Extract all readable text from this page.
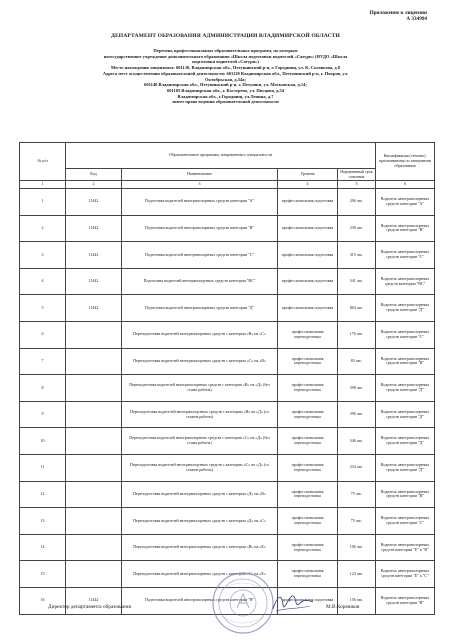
Приложение к лицензии
А 334994
ДЕПАРТАМЕНТ ОБРАЗОВАНИЯ АДМИНИСТРАЦИИ ВЛАДИМИРСКОЙ ОБЛАСТИ
Перечень профессиональных образовательных программ, по которым
негосударственное учреждение дополнительного образования «Школа подготовки водителей «Сатурн» (НУДО «Школа
подготовки водителей «Сатурн»)
Место нахождения лицензиата: 601130, Владимирская обл., Петушинский р-н, г. Городнищ, ул. К. Соловьева, д.8
Адреса мест осуществления образовательной деятельности: 601120 Владимирская обл., Петушинский р-н, г. Покров, ул.
Октябрьская, д.54а;
601140 Владимирская обл., Петушинский р-н, г. Петушки, ул. Московская, д.14;
601105 Владимирская обл., г. Костерево, ул. Писцова, д.54
Владимирская обл., г.Городнищ, ул.Ленина, д.7
имеет право ведения образовательной деятельности
№ п/п	Образовательные программы, направления и специальности				Квалификация (степень), присваиваемая по завершении образования
	Код	Наименование	Уровень	Нормативный срок освоения	
1	2	3	4	5	6
1	11442	Подготовка водителей автотранспортных средств категории "А"	профессиональная подготовка	206 час.	Водитель автотранспортных средств категории "А"
2	11442	Подготовка водителей автотранспортных средств категории "В"	профессиональная подготовка	238 час.	Водитель автотранспортных средств категории "В"
3	11442	Подготовка водителей автотранспортных средств категории "С"	профессиональная подготовка	319 час.	Водитель автотранспортных средств категории "С"
4	11442	Подготовка водителей автотранспортных средств категории "ВС"	профессиональная подготовка	341 час.	Водитель автотранспортных средств категории "ВС"
5	11442	Подготовка водителей автотранспортных средств категории "Д"	профессиональная подготовка	804 час.	Водитель автотранспортных средств категории "Д"
6		Переподготовка водителей автотранспортных средств с категории «В» на «С»	профессиональная переподготовка	176 час.	Водитель автотранспортных средств категории "С"
7		Переподготовка водителей автотранспортных средств с категории «С» на «В»	профессиональная переподготовка	83 час.	Водитель автотранспортных средств категории "В"
8		Переподготовка водителей автотранспортных средств с категории «В» на «Д» (без стажа работы)	профессиональная переподготовка	398 час.	Водитель автотранспортных средств категории "Д"
9		Переподготовка водителей автотранспортных средств с категории «В» на «Д» (со стажем работы)	профессиональная переподготовка	296 час.	Водитель автотранспортных средств категории "Д"
10		Переподготовка водителей автотранспортных средств с категории «С» на «Д» (без стажа работы)	профессиональная переподготовка	346 час.	Водитель автотранспортных средств категории "Д"
11		Переподготовка водителей автотранспортных средств с категории «С» на «Д» (со стажем работы)	профессиональная переподготовка	234 час.	Водитель автотранспортных средств категории "Д"
12		Переподготовка водителей автотранспортных средств с категории «Д» на «В»	профессиональная переподготовка	75 час.	Водитель автотранспортных средств категории "В"
13		Переподготовка водителей автотранспортных средств с категории «Д» на «С»	профессиональная переподготовка	75 час.	Водитель автотранспортных средств категории "С"
14		Переподготовка водителей автотранспортных средств с категории «В» на «Е»	профессиональная переподготовка	106 час.	Водитель автотранспортных средств категории "Е" к "В"
15		Переподготовка водителей автотранспортных средств с категории «С» на «Е»	профессиональная переподготовка	124 час.	Водитель автотранспортных средств категории "Е" к "С"
16	11442	Подготовка водителей автотранспортных средств категории "В"	профессиональная подготовка	156 час.	Водитель автотранспортных средств категории "В"
Директор департамента образования	М.В.Корешков
